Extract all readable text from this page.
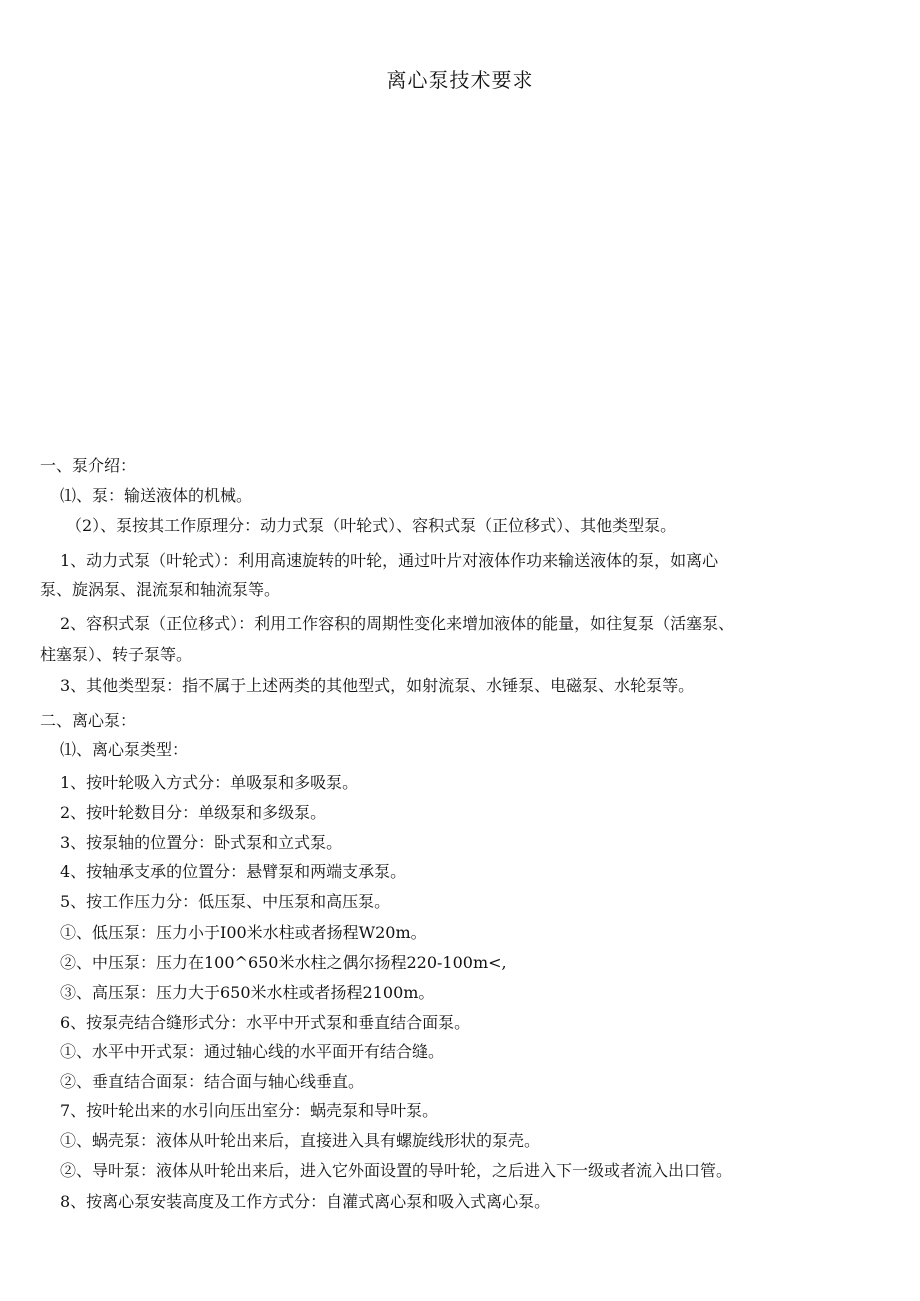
离心泵技术要求
一、泵介绍：
⑴、泵：输送液体的机械。
（2）、泵按其工作原理分：动力式泵（叶轮式）、容积式泵（正位移式）、其他类型泵。
1、动力式泵（叶轮式）：利用高速旋转的叶轮，通过叶片对液体作功来输送液体的泵，如离心
泵、旋涡泵、混流泵和轴流泵等。
2、容积式泵（正位移式）：利用工作容积的周期性变化来增加液体的能量，如往复泵（活塞泵、
柱塞泵）、转子泵等。
3、其他类型泵：指不属于上述两类的其他型式，如射流泵、水锤泵、电磁泵、水轮泵等。
二、离心泵：
⑴、离心泵类型：
1、按叶轮吸入方式分：单吸泵和多吸泵。
2、按叶轮数目分：单级泵和多级泵。
3、按泵轴的位置分：卧式泵和立式泵。
4、按轴承支承的位置分：悬臂泵和两端支承泵。
5、按工作压力分：低压泵、中压泵和高压泵。
①、低压泵：压力小于I00米水柱或者扬程W20m。
②、中压泵：压力在100^650米水柱之偶尔扬程220-100m<,
③、高压泵：压力大于650米水柱或者扬程2100m。
6、按泵壳结合缝形式分：水平中开式泵和垂直结合面泵。
①、水平中开式泵：通过轴心线的水平面开有结合缝。
②、垂直结合面泵：结合面与轴心线垂直。
7、按叶轮出来的水引向压出室分：蜗壳泵和导叶泵。
①、蜗壳泵：液体从叶轮出来后，直接进入具有螺旋线形状的泵壳。
②、导叶泵：液体从叶轮出来后，进入它外面设置的导叶轮，之后进入下一级或者流入出口管。
8、按离心泵安装高度及工作方式分：自灌式离心泵和吸入式离心泵。
